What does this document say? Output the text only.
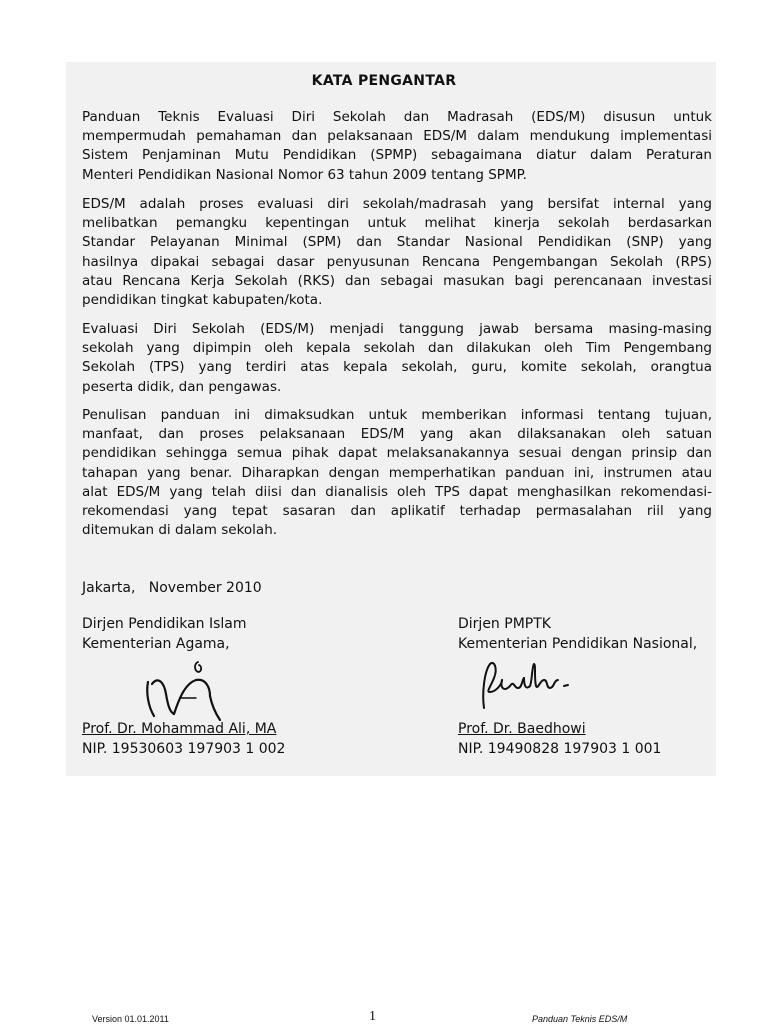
KATA PENGANTAR

Panduan Teknis Evaluasi Diri Sekolah dan Madrasah (EDS/M) disusun untuk
mempermudah pemahaman dan pelaksanaan EDS/M dalam mendukung implementasi
Sistem Penjaminan Mutu Pendidikan (SPMP) sebagaimana diatur dalam Peraturan
Menteri Pendidikan Nasional Nomor 63 tahun 2009 tentang SPMP.

EDS/M adalah proses evaluasi diri sekolah/madrasah yang bersifat internal yang
melibatkan pemangku kepentingan untuk melihat kinerja sekolah berdasarkan
Standar Pelayanan Minimal (SPM) dan Standar Nasional Pendidikan (SNP) yang
hasilnya dipakai sebagai dasar penyusunan Rencana Pengembangan Sekolah (RPS)
atau Rencana Kerja Sekolah (RKS) dan sebagai masukan bagi perencanaan investasi
pendidikan tingkat kabupaten/kota.

Evaluasi Diri Sekolah (EDS/M) menjadi tanggung jawab bersama masing-masing
sekolah yang dipimpin oleh kepala sekolah dan dilakukan oleh Tim Pengembang
Sekolah (TPS) yang terdiri atas kepala sekolah, guru, komite sekolah, orangtua
peserta didik, dan pengawas.

Penulisan panduan ini dimaksudkan untuk memberikan informasi tentang tujuan,
manfaat, dan proses pelaksanaan EDS/M yang akan dilaksanakan oleh satuan
pendidikan sehingga semua pihak dapat melaksanakannya sesuai dengan prinsip dan
tahapan yang benar. Diharapkan dengan memperhatikan panduan ini, instrumen atau
alat EDS/M yang telah diisi dan dianalisis oleh TPS dapat menghasilkan rekomendasi-
rekomendasi yang tepat sasaran dan aplikatif terhadap permasalahan riil yang
ditemukan di dalam sekolah.

Jakarta,   November 2010
Dirjen Pendidikan Islam
Kementerian Agama,
Dirjen PMPTK
Kementerian Pendidikan Nasional,
Prof. Dr. Mohammad Ali, MA
NIP. 19530603 197903 1 002
Prof. Dr. Baedhowi
NIP. 19490828 197903 1 001
Version 01.01.2011	1	Panduan Teknis EDS/M
